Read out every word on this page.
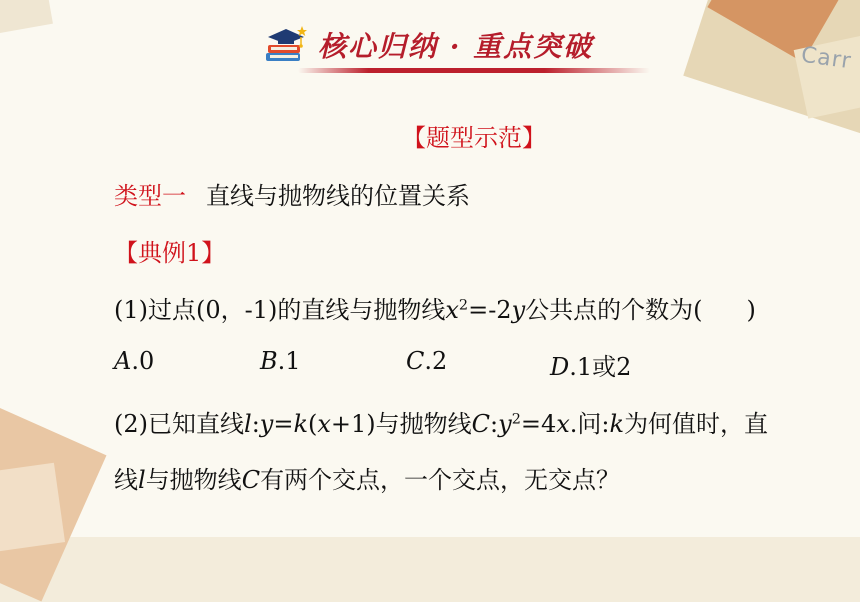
Carr
核心归纳 · 重点突破
【题型示范】
类型一 直线与抛物线的位置关系
【典例1】
(1)过点(0，-1)的直线与抛物线$x^2=-2y$公共点的个数为( )
A.0	B.1	C.2	D.1或2
(2)已知直线l:y=k(x+1)与抛物线$C:y^2=4x$.问:k为何值时，直
线l与抛物线C有两个交点，一个交点，无交点？
